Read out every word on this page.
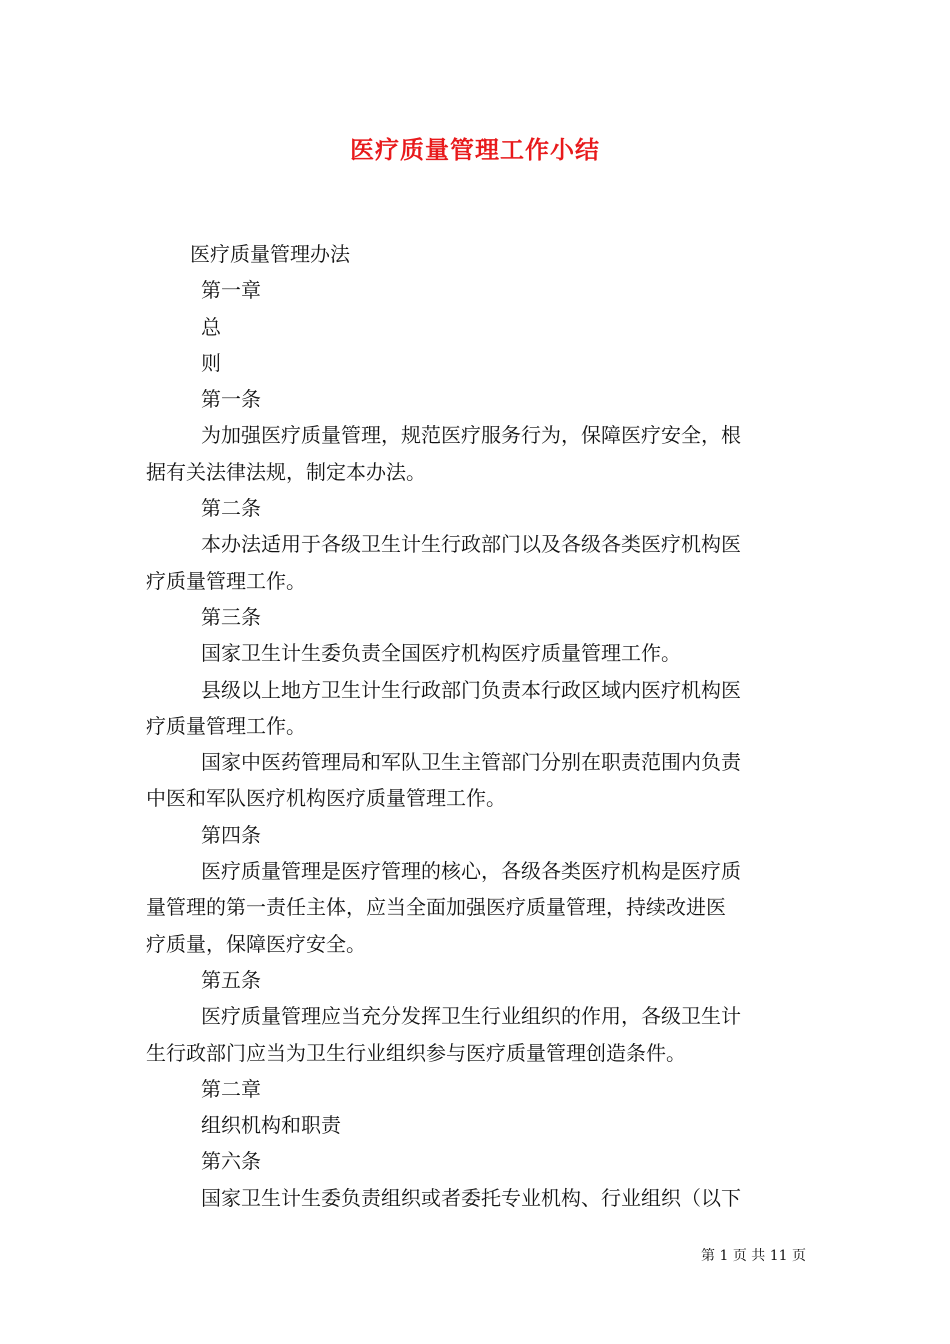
医疗质量管理工作小结
医疗质量管理办法
第一章
总
则
第一条
为加强医疗质量管理，规范医疗服务行为，保障医疗安全，根
据有关法律法规，制定本办法。
第二条
本办法适用于各级卫生计生行政部门以及各级各类医疗机构医
疗质量管理工作。
第三条
国家卫生计生委负责全国医疗机构医疗质量管理工作。
县级以上地方卫生计生行政部门负责本行政区域内医疗机构医
疗质量管理工作。
国家中医药管理局和军队卫生主管部门分别在职责范围内负责
中医和军队医疗机构医疗质量管理工作。
第四条
医疗质量管理是医疗管理的核心，各级各类医疗机构是医疗质
量管理的第一责任主体，应当全面加强医疗质量管理，持续改进医
疗质量，保障医疗安全。
第五条
医疗质量管理应当充分发挥卫生行业组织的作用，各级卫生计
生行政部门应当为卫生行业组织参与医疗质量管理创造条件。
第二章
组织机构和职责
第六条
国家卫生计生委负责组织或者委托专业机构、行业组织（以下
第 1 页 共 11 页
